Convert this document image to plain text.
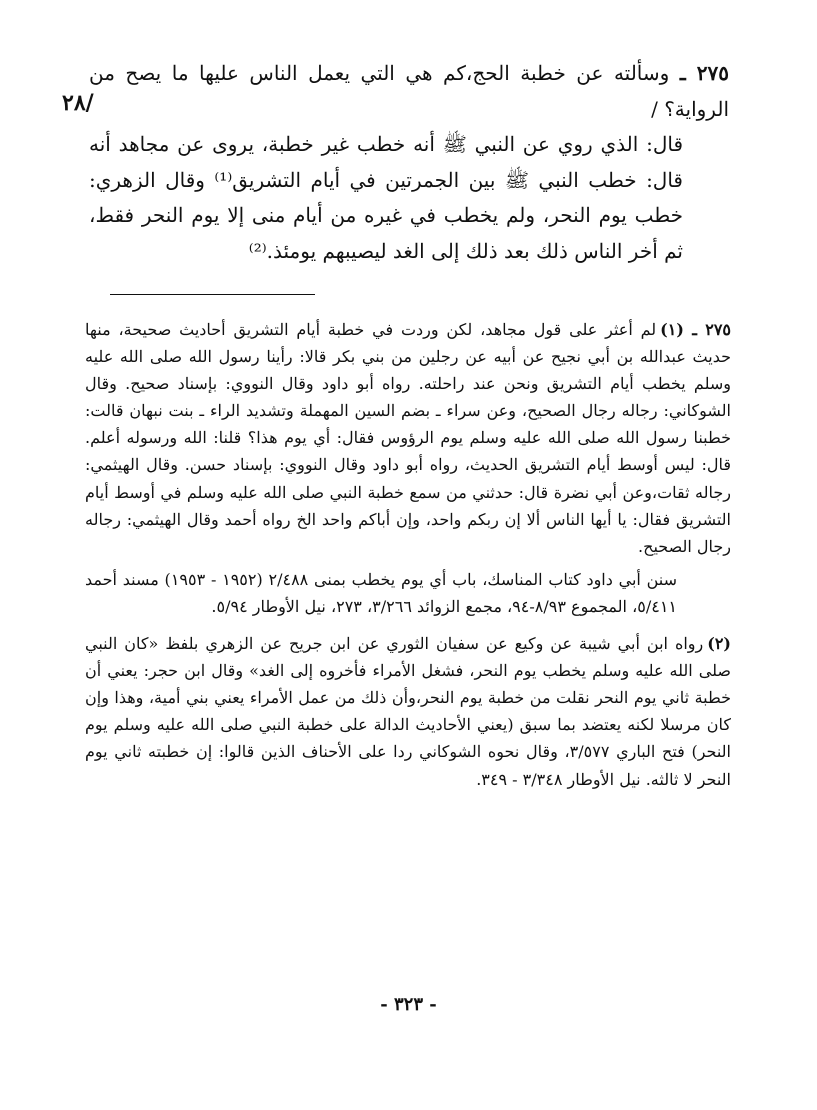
/٢٨
٢٧٥ ـ وسألته عن خطبة الحج،كم هي التي يعمل الناس عليها ما يصح من الرواية؟ /
قال: الذي روي عن النبي ﷺ أنه خطب غير خطبة، يروى عن مجاهد أنه قال: خطب النبي ﷺ بين الجمرتين في أيام التشريق⁽¹⁾ وقال الزهري: خطب يوم النحر، ولم يخطب في غيره من أيام منى إلا يوم النحر فقط، ثم أخر الناس ذلك بعد ذلك إلى الغد ليصيبهم يومئذ.⁽²⁾

٢٧٥ ـ (١)لم أعثر على قول مجاهد، لكن وردت في خطبة أيام التشريق أحاديث صحيحة، منها حديث عبدالله بن أبي نجيح عن أبيه عن رجلين من بني بكر قالا: رأينا رسول الله صلى الله عليه وسلم يخطب أيام التشريق ونحن عند راحلته. رواه أبو داود وقال النووي: بإسناد صحيح. وقال الشوكاني: رجاله رجال الصحيح، وعن سراء ـ بضم السين المهملة وتشديد الراء ـ بنت نبهان قالت: خطبنا رسول الله صلى الله عليه وسلم يوم الرؤوس فقال: أي يوم هذا؟ قلنا: الله ورسوله أعلم. قال: ليس أوسط أيام التشريق الحديث، رواه أبو داود وقال النووي: بإسناد حسن. وقال الهيثمي: رجاله ثقات،وعن أبي نضرة قال: حدثني من سمع خطبة النبي صلى الله عليه وسلم في أوسط أيام التشريق فقال: يا أيها الناس ألا إن ربكم واحد، وإن أباكم واحد الخ رواه أحمد وقال الهيثمي: رجاله رجال الصحيح.

سنن أبي داود كتاب المناسك، باب أي يوم يخطب بمنى ٢/٤٨٨ (١٩٥٢ - ١٩٥٣) مسند أحمد ٥/٤١١، المجموع ٨/٩٣-٩٤، مجمع الزوائد ٣/٢٦٦، ٢٧٣، نيل الأوطار ٥/٩٤.

(٢)رواه ابن أبي شيبة عن وكيع عن سفيان الثوري عن ابن جريح عن الزهري بلفظ «كان النبي صلى الله عليه وسلم يخطب يوم النحر، فشغل الأمراء فأخروه إلى الغد» وقال ابن حجر: يعني أن خطبة ثاني يوم النحر نقلت من خطبة يوم النحر،وأن ذلك من عمل الأمراء يعني بني أمية، وهذا وإن كان مرسلا لكنه يعتضد بما سبق (يعني الأحاديث الدالة على خطبة النبي صلى الله عليه وسلم يوم النحر) فتح الباري ٣/٥٧٧، وقال نحوه الشوكاني ردا على الأحناف الذين قالوا: إن خطبته ثاني يوم النحر لا ثالثه. نيل الأوطار ٣/٣٤٨ - ٣٤٩.

- ٣٢٣ -
